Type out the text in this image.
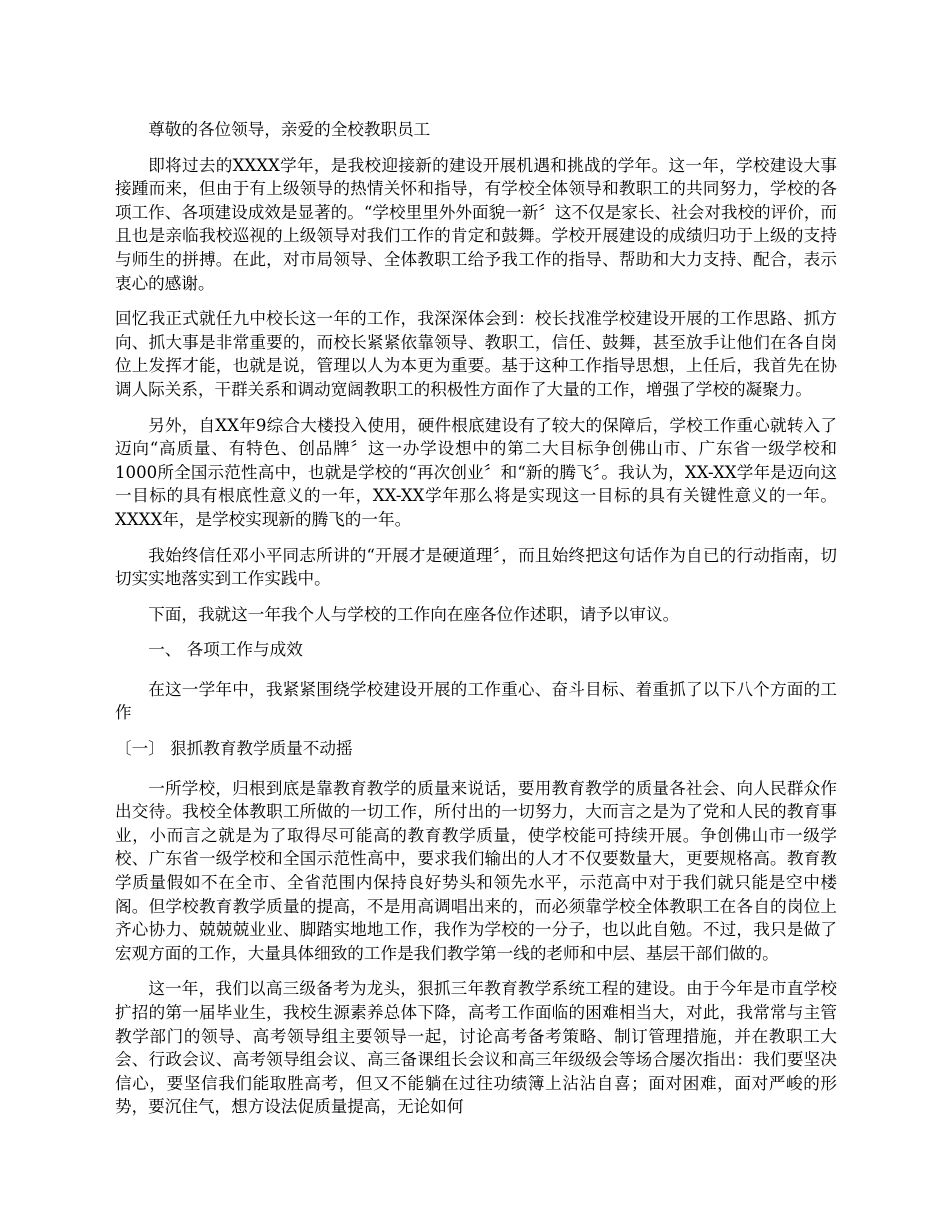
尊敬的各位领导，亲爱的全校教职员工

即将过去的XXXX学年，是我校迎接新的建设开展机遇和挑战的学年。这一年，学校建设大事接踵而来，但由于有上级领导的热情关怀和指导，有学校全体领导和教职工的共同努力，学校的各项工作、各项建设成效是显著的。“学校里里外外面貌一新〞这不仅是家长、社会对我校的评价，而且也是亲临我校巡视的上级领导对我们工作的肯定和鼓舞。学校开展建设的成绩归功于上级的支持与师生的拼搏。在此，对市局领导、全体教职工给予我工作的指导、帮助和大力支持、配合，表示衷心的感谢。

回忆我正式就任九中校长这一年的工作，我深深体会到：校长找准学校建设开展的工作思路、抓方向、抓大事是非常重要的，而校长紧紧依靠领导、教职工，信任、鼓舞，甚至放手让他们在各自岗位上发挥才能，也就是说，管理以人为本更为重要。基于这种工作指导思想，上任后，我首先在协调人际关系，干群关系和调动宽阔教职工的积极性方面作了大量的工作，增强了学校的凝聚力。

另外，自XX年9综合大楼投入使用，硬件根底建设有了较大的保障后，学校工作重心就转入了迈向“高质量、有特色、创品牌〞这一办学设想中的第二大目标争创佛山市、广东省一级学校和1000所全国示范性高中，也就是学校的“再次创业〞和“新的腾飞〞。我认为，XX-XX学年是迈向这一目标的具有根底性意义的一年，XX-XX学年那么将是实现这一目标的具有关键性意义的一年。XXXX年，是学校实现新的腾飞的一年。

我始终信任邓小平同志所讲的“开展才是硬道理〞，而且始终把这句话作为自已的行动指南，切切实实地落实到工作实践中。

下面，我就这一年我个人与学校的工作向在座各位作述职，请予以审议。

一、 各项工作与成效

在这一学年中，我紧紧围绕学校建设开展的工作重心、奋斗目标、着重抓了以下八个方面的工作

〔一〕 狠抓教育教学质量不动摇

一所学校，归根到底是靠教育教学的质量来说话，要用教育教学的质量各社会、向人民群众作出交待。我校全体教职工所做的一切工作，所付出的一切努力，大而言之是为了党和人民的教育事业，小而言之就是为了取得尽可能高的教育教学质量，使学校能可持续开展。争创佛山市一级学校、广东省一级学校和全国示范性高中，要求我们输出的人才不仅要数量大，更要规格高。教育教学质量假如不在全市、全省范围内保持良好势头和领先水平，示范高中对于我们就只能是空中楼阁。但学校教育教学质量的提高，不是用高调唱出来的，而必须靠学校全体教职工在各自的岗位上齐心协力、兢兢兢业业、脚踏实地地工作，我作为学校的一分子，也以此自勉。不过，我只是做了宏观方面的工作，大量具体细致的工作是我们教学第一线的老师和中层、基层干部们做的。

这一年，我们以高三级备考为龙头，狠抓三年教育教学系统工程的建设。由于今年是市直学校扩招的第一届毕业生，我校生源素养总体下降，高考工作面临的困难相当大，对此，我常常与主管教学部门的领导、高考领导组主要领导一起，讨论高考备考策略、制订管理措施，并在教职工大会、行政会议、高考领导组会议、高三备课组长会议和高三年级级会等场合屡次指出：我们要坚决信心，要坚信我们能取胜高考，但又不能躺在过往功绩簿上沾沾自喜；面对困难，面对严峻的形势，要沉住气，想方设法促质量提高，无论如何
